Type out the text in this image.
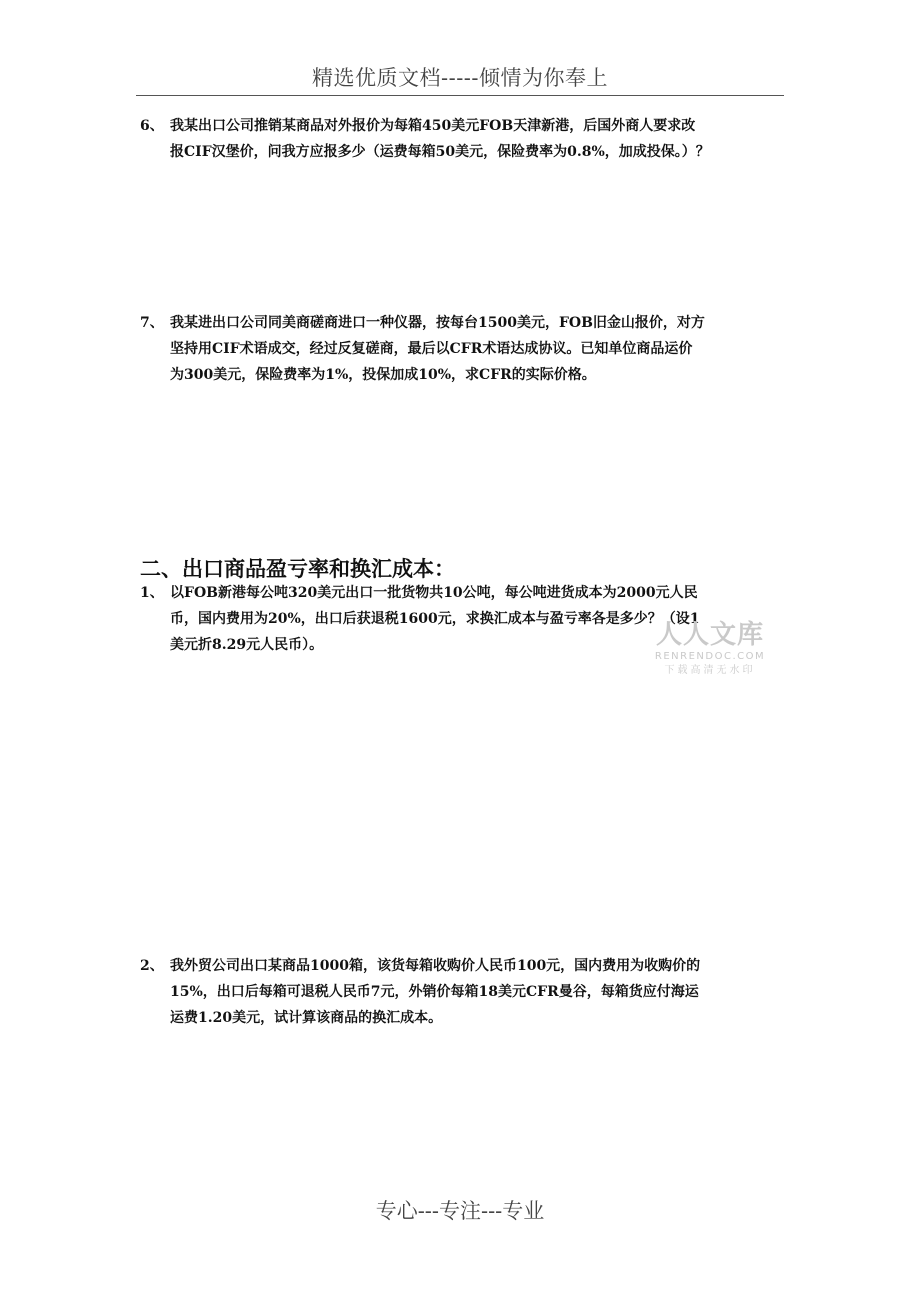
精选优质文档-----倾情为你奉上
6、 我某出口公司推销某商品对外报价为每箱450美元FOB天津新港，后国外商人要求改
报CIF汉堡价，问我方应报多少（运费每箱50美元，保险费率为0.8%，加成投保。）？
7、 我某进出口公司同美商磋商进口一种仪器，按每台1500美元，FOB旧金山报价，对方
坚持用CIF术语成交，经过反复磋商，最后以CFR术语达成协议。已知单位商品运价
为300美元，保险费率为1%，投保加成10%，求CFR的实际价格。
二、出口商品盈亏率和换汇成本：
1、 以FOB新港每公吨320美元出口一批货物共10公吨，每公吨进货成本为2000元人民
币，国内费用为20%，出口后获退税1600元，求换汇成本与盈亏率各是多少？（设1
美元折8.29元人民币）。
2、 我外贸公司出口某商品1000箱，该货每箱收购价人民币100元，国内费用为收购价的
15%，出口后每箱可退税人民币7元，外销价每箱18美元CFR曼谷，每箱货应付海运
运费1.20美元，试计算该商品的换汇成本。
人人文库
RENRENDOC.COM
下载高清无水印
专心---专注---专业
